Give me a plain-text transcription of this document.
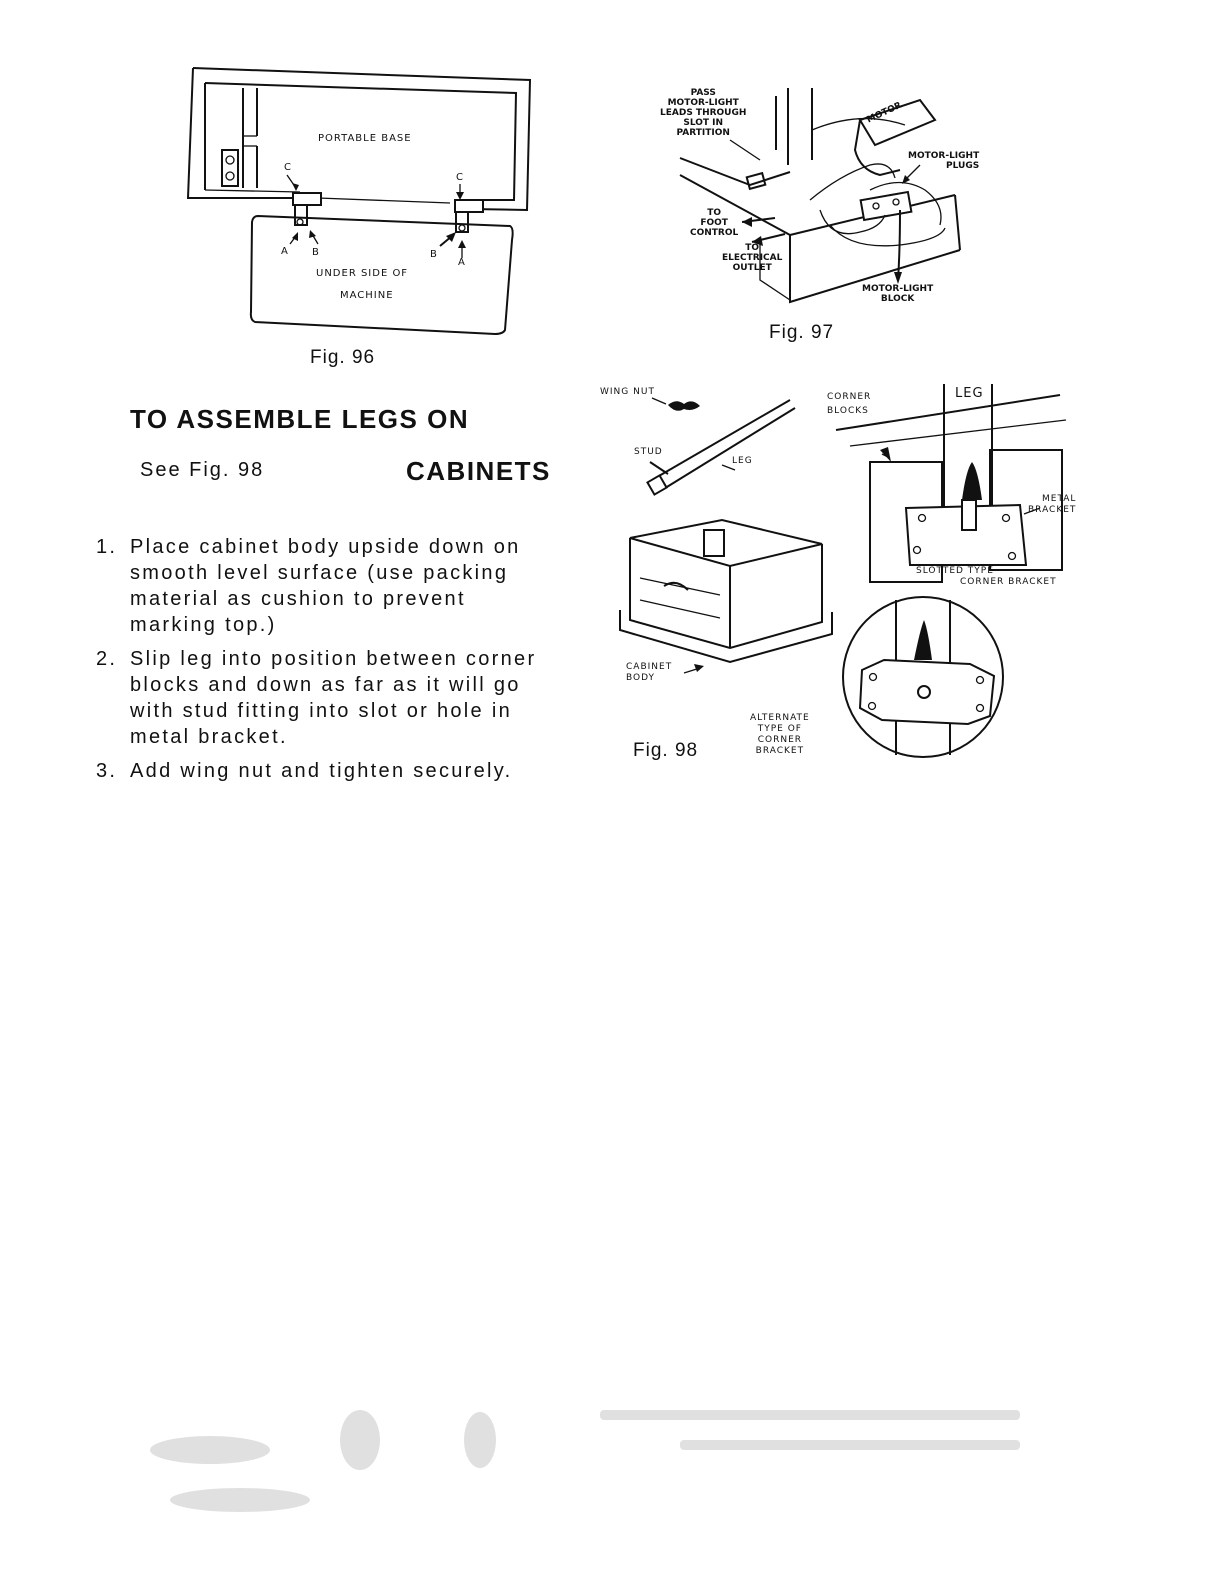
PORTABLE BASE
C
C
A B	B
A
UNDER SIDE OF
MACHINE
Fig. 96
PASS
MOTOR-LIGHT
LEADS THROUGH
SLOT IN
PARTITION
MOTOR
MOTOR-LIGHT
PLUGS
TO
FOOT
CONTROL
TO
ELECTRICAL
OUTLET
MOTOR-LIGHT
BLOCK
Fig. 97
TO ASSEMBLE LEGS ON
See Fig. 98	CABINETS
1. Place cabinet body upside down on
smooth level surface (use packing
material as cushion to prevent
marking top.)
2. Slip leg into position between corner
blocks and down as far as it will go
with stud fitting into slot or hole in
metal bracket.
3. Add wing nut and tighten securely.
WING NUT
STUD
LEG
CORNER
BLOCKS
LEG
METAL
BRACKET
SLOTTED TYPE
CORNER BRACKET
CABINET
BODY
ALTERNATE
TYPE OF
CORNER
BRACKET
Fig. 98
